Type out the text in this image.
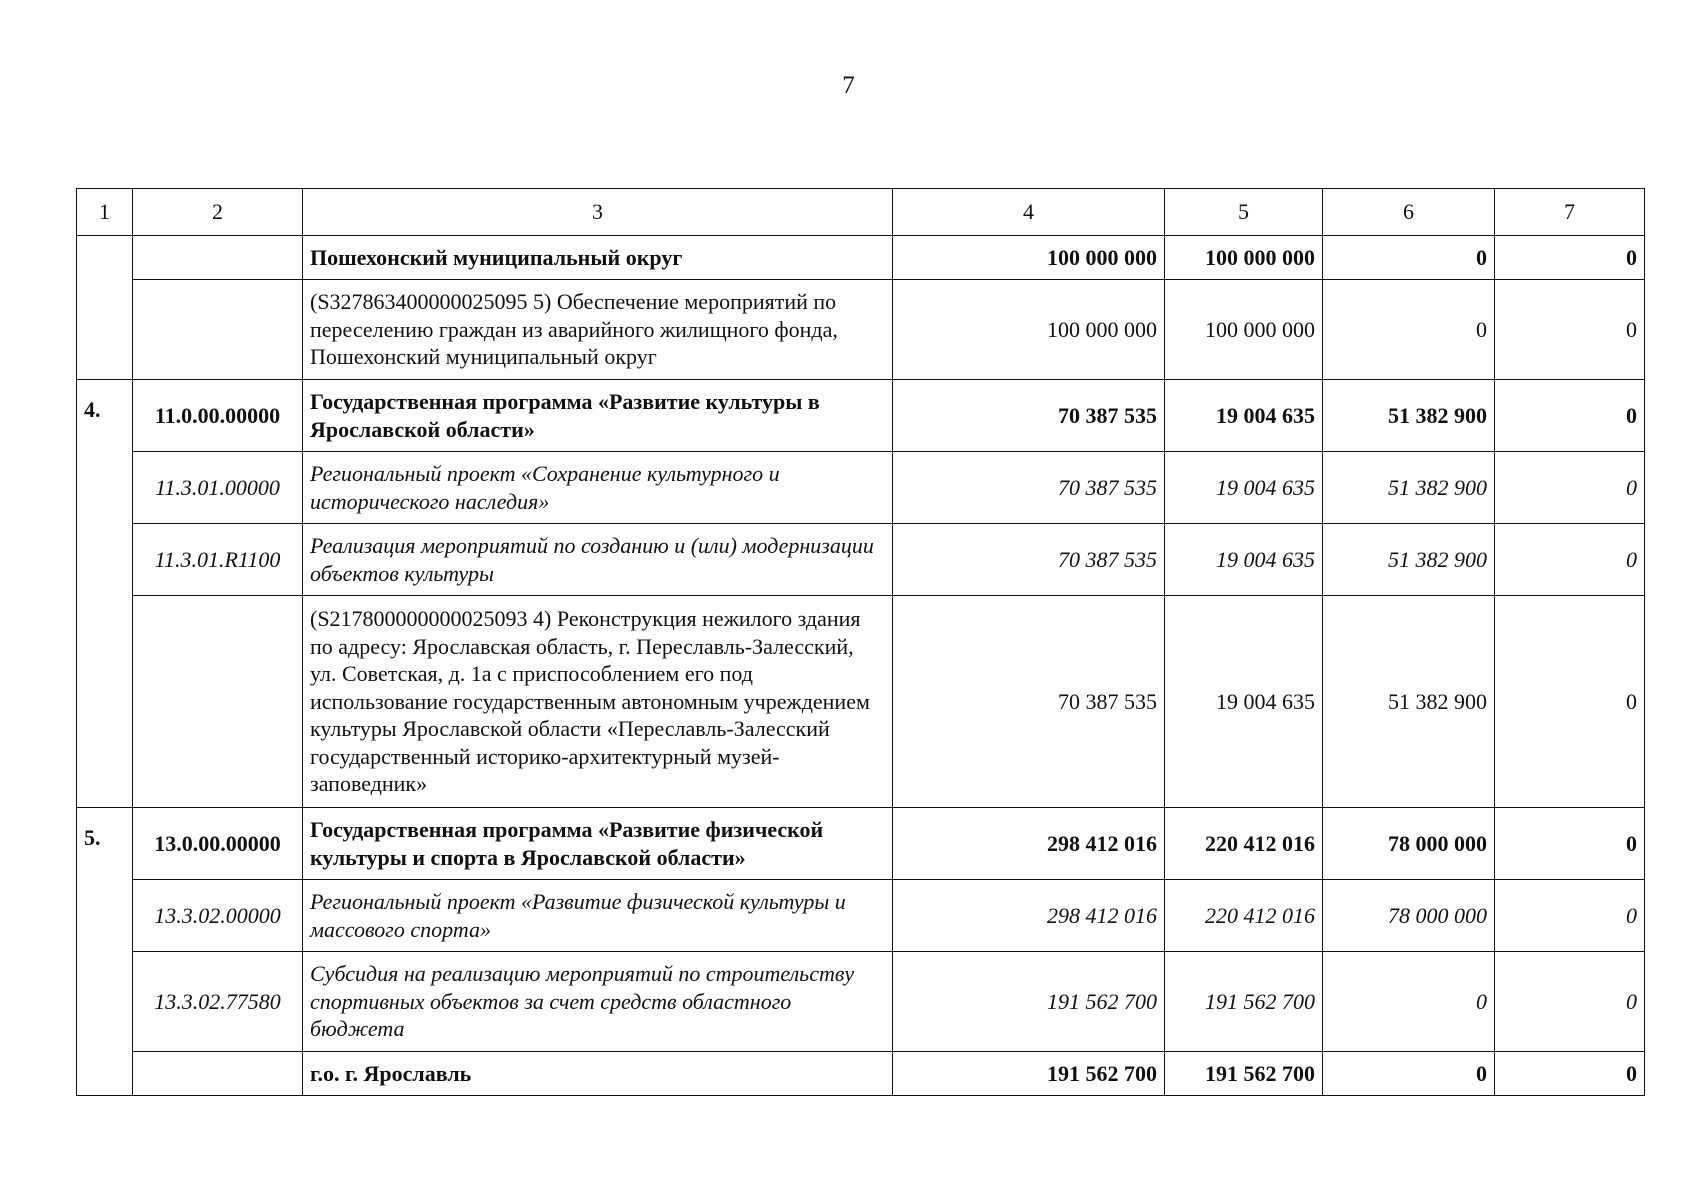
7
1	2	3	4	5	6	7
		Пошехонский муниципальный округ	100 000 000	100 000 000	0	0
		(S327863400000025095 5) Обеспечение мероприятий по переселению граждан из аварийного жилищного фонда, Пошехонский муниципальный округ	100 000 000	100 000 000	0	0
4.	11.0.00.00000	Государственная программа «Развитие культуры в Ярославской области»	70 387 535	19 004 635	51 382 900	0
	11.3.01.00000	Региональный проект «Сохранение культурного и исторического наследия»	70 387 535	19 004 635	51 382 900	0
	11.3.01.R1100	Реализация мероприятий по созданию и (или) модернизации объектов культуры	70 387 535	19 004 635	51 382 900	0
		(S217800000000025093 4) Реконструкция нежилого здания по адресу: Ярославская область, г. Переславль-Залесский, ул. Советская, д. 1а с приспособлением его под использование государственным автономным учреждением культуры Ярославской области «Переславль-Залесский государственный историко-архитектурный музей-заповедник»	70 387 535	19 004 635	51 382 900	0
5.	13.0.00.00000	Государственная программа «Развитие физической культуры и спорта в Ярославской области»	298 412 016	220 412 016	78 000 000	0
	13.3.02.00000	Региональный проект «Развитие физической культуры и массового спорта»	298 412 016	220 412 016	78 000 000	0
	13.3.02.77580	Субсидия на реализацию мероприятий по строительству спортивных объектов за счет средств областного бюджета	191 562 700	191 562 700	0	0
		г.о. г. Ярославль	191 562 700	191 562 700	0	0
